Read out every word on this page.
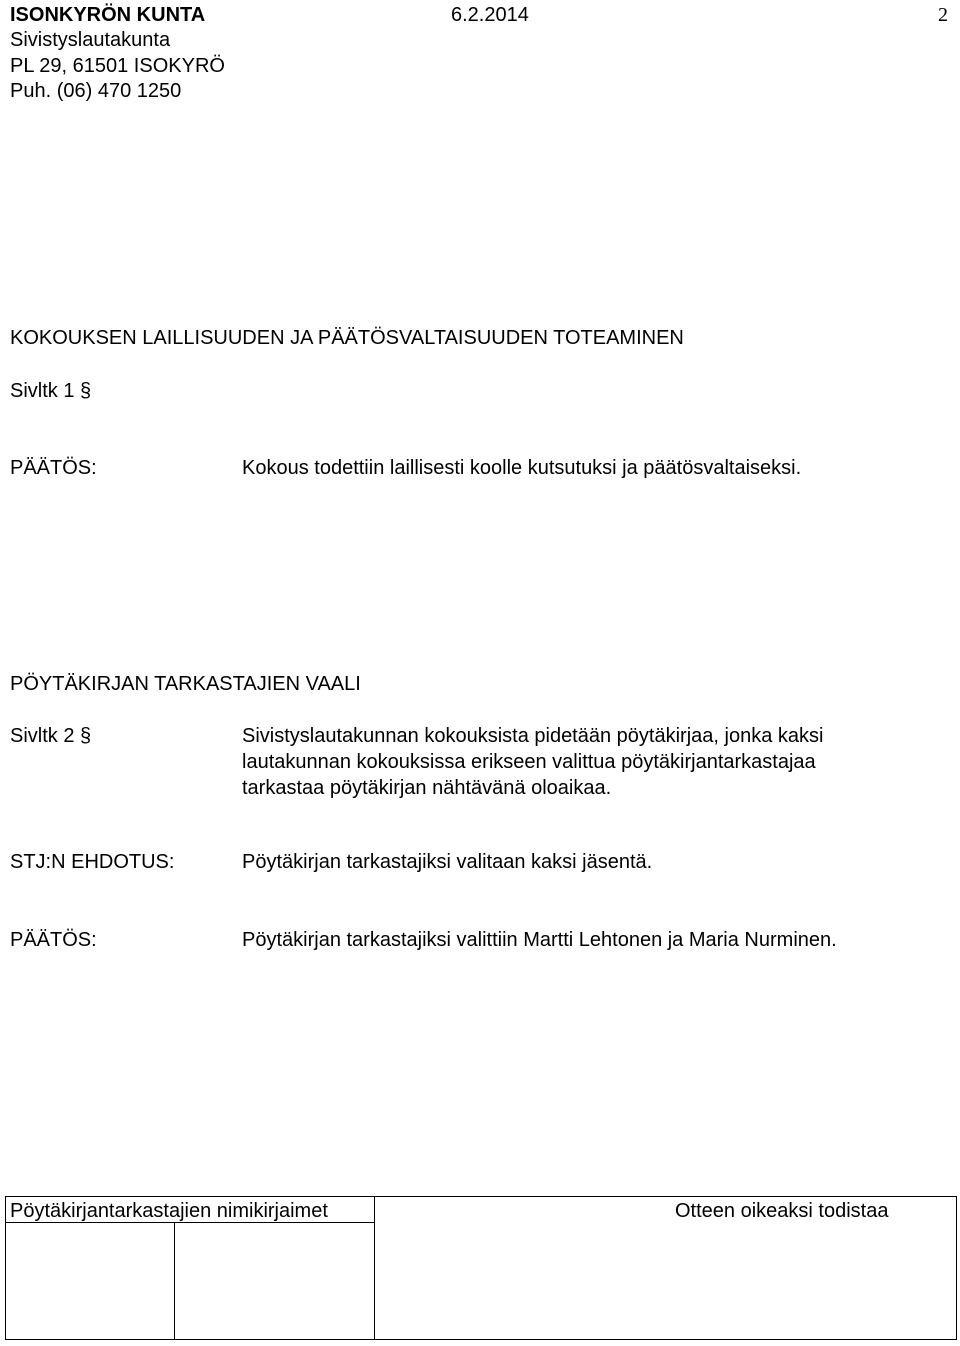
ISONKYRÖN KUNTA	6.2.2014	2
Sivistyslautakunta
PL 29, 61501 ISOKYRÖ
Puh. (06) 470 1250
KOKOUKSEN LAILLISUUDEN JA PÄÄTÖSVALTAISUUDEN TOTEAMINEN
Sivltk 1 §
PÄÄTÖS:	Kokous todettiin laillisesti koolle kutsutuksi ja päätösvaltaiseksi.
PÖYTÄKIRJAN TARKASTAJIEN VAALI
Sivltk 2 §	Sivistyslautakunnan kokouksista pidetään pöytäkirjaa, jonka kaksi
lautakunnan kokouksissa erikseen valittua pöytäkirjantarkastajaa
tarkastaa pöytäkirjan nähtävänä oloaikaa.
STJ:N EHDOTUS:	Pöytäkirjan tarkastajiksi valitaan kaksi jäsentä.
PÄÄTÖS:	Pöytäkirjan tarkastajiksi valittiin Martti Lehtonen ja Maria Nurminen.
Pöytäkirjantarkastajien nimikirjaimet	Otteen oikeaksi todistaa
